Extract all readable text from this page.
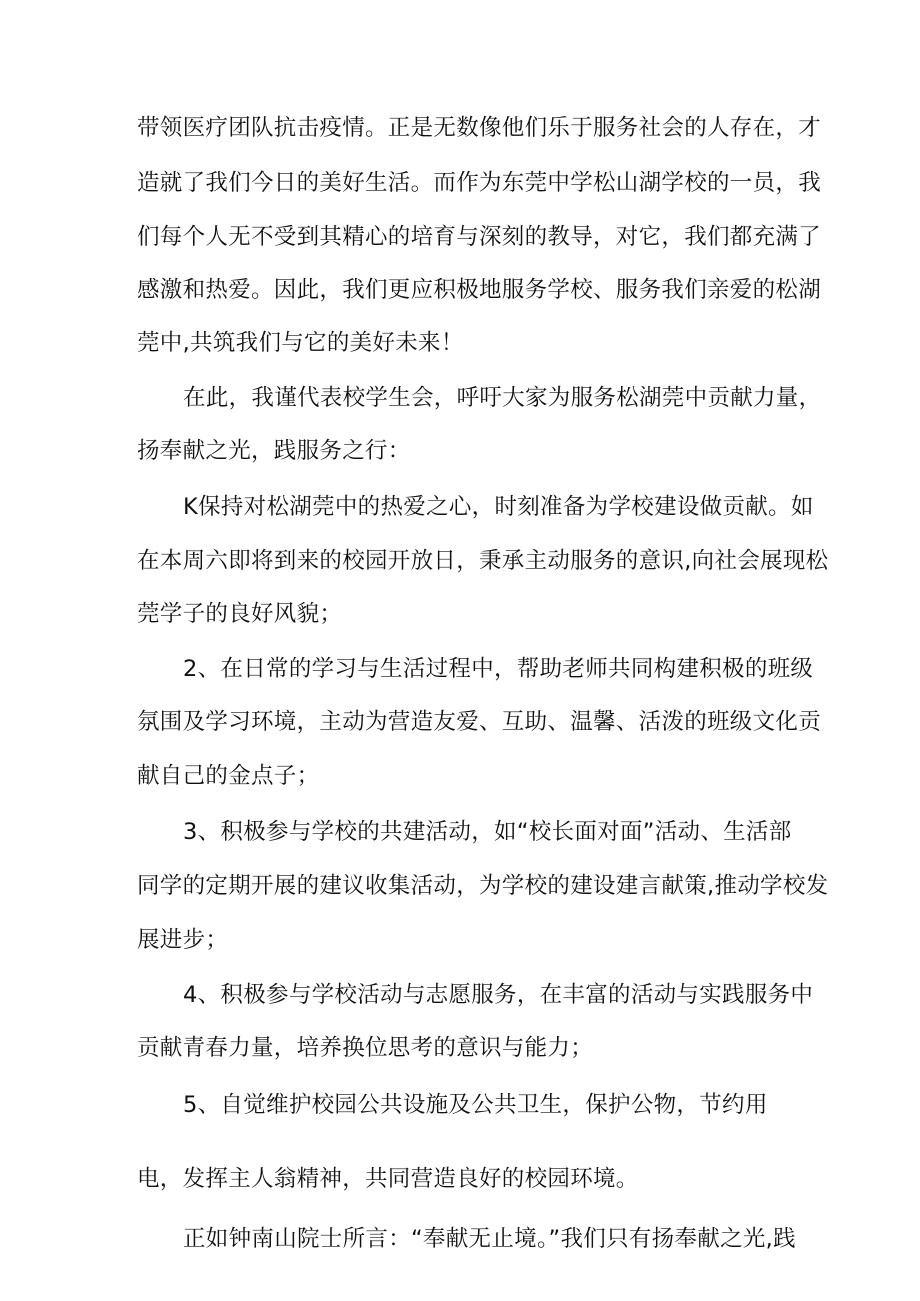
带领医疗团队抗击疫情。正是无数像他们乐于服务社会的人存在，才
造就了我们今日的美好生活。而作为东莞中学松山湖学校的一员，我
们每个人无不受到其精心的培育与深刻的教导，对它，我们都充满了
感激和热爱。因此，我们更应积极地服务学校、服务我们亲爱的松湖
莞中,共筑我们与它的美好未来！
在此，我谨代表校学生会，呼吁大家为服务松湖莞中贡献力量，
扬奉献之光，践服务之行：
K保持对松湖莞中的热爱之心，时刻准备为学校建设做贡献。如
在本周六即将到来的校园开放日，秉承主动服务的意识,向社会展现松
莞学子的良好风貌；
2、在日常的学习与生活过程中，帮助老师共同构建积极的班级
氛围及学习环境，主动为营造友爱、互助、温馨、活泼的班级文化贡
献自己的金点子；
3、积极参与学校的共建活动，如“校长面对面”活动、生活部
同学的定期开展的建议收集活动，为学校的建设建言献策,推动学校发
展进步；
4、积极参与学校活动与志愿服务，在丰富的活动与实践服务中
贡献青春力量，培养换位思考的意识与能力；
5、自觉维护校园公共设施及公共卫生，保护公物，节约用
电，发挥主人翁精神，共同营造良好的校园环境。
正如钟南山院士所言：“奉献无止境。”我们只有扬奉献之光,践
